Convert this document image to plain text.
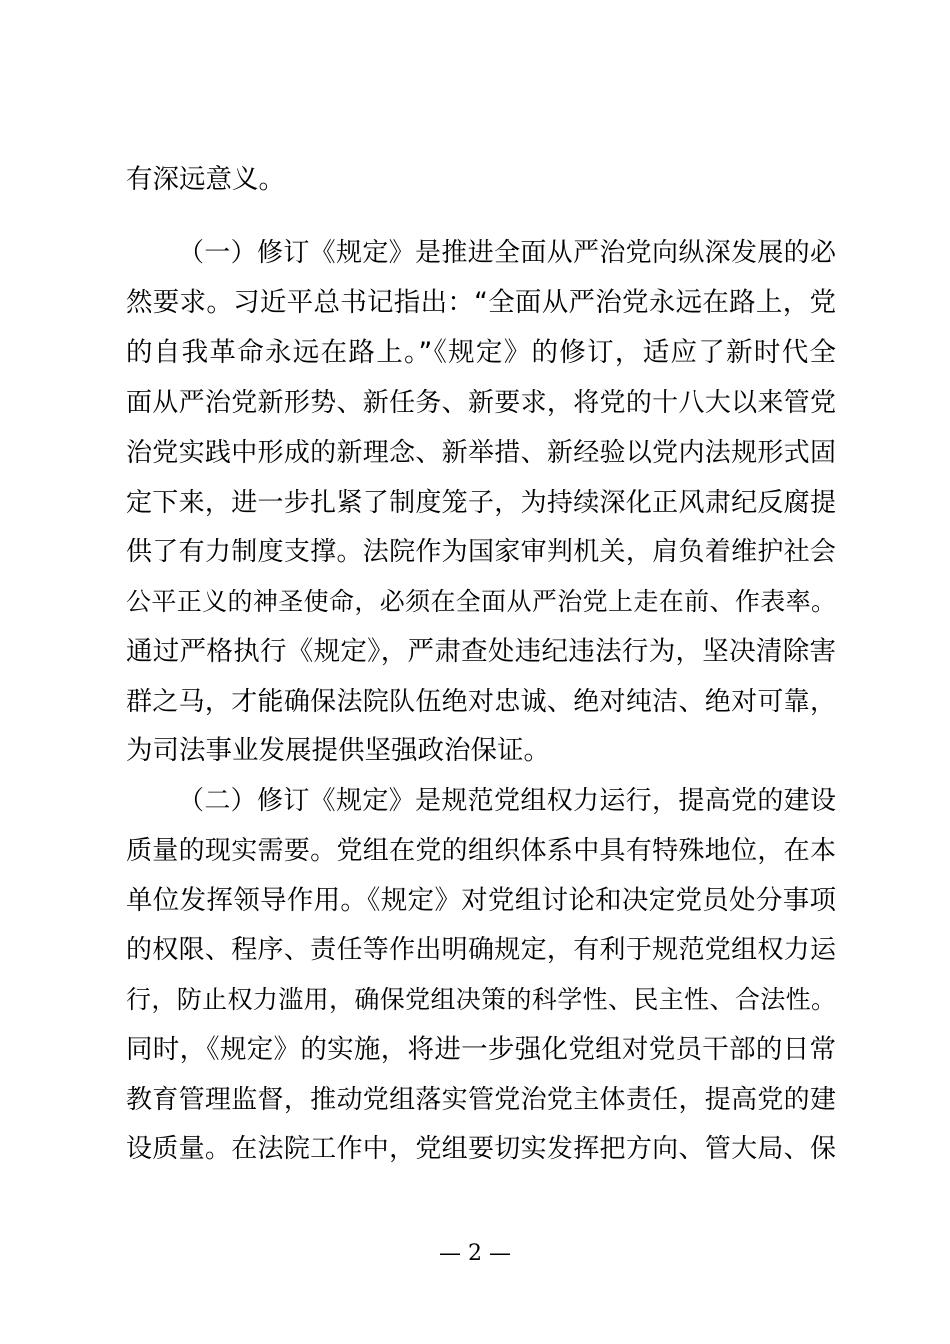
有深远意义。
（一）修订《规定》是推进全面从严治党向纵深发展的必
然要求。习近平总书记指出：“全面从严治党永远在路上，党
的自我革命永远在路上。”《规定》的修订，适应了新时代全
面从严治党新形势、新任务、新要求，将党的十八大以来管党
治党实践中形成的新理念、新举措、新经验以党内法规形式固
定下来，进一步扎紧了制度笼子，为持续深化正风肃纪反腐提
供了有力制度支撑。法院作为国家审判机关，肩负着维护社会
公平正义的神圣使命，必须在全面从严治党上走在前、作表率。
通过严格执行《规定》，严肃查处违纪违法行为，坚决清除害
群之马，才能确保法院队伍绝对忠诚、绝对纯洁、绝对可靠，
为司法事业发展提供坚强政治保证。
（二）修订《规定》是规范党组权力运行，提高党的建设
质量的现实需要。党组在党的组织体系中具有特殊地位，在本
单位发挥领导作用。《规定》对党组讨论和决定党员处分事项
的权限、程序、责任等作出明确规定，有利于规范党组权力运
行，防止权力滥用，确保党组决策的科学性、民主性、合法性。
同时，《规定》的实施，将进一步强化党组对党员干部的日常
教育管理监督，推动党组落实管党治党主体责任，提高党的建
设质量。在法院工作中，党组要切实发挥把方向、管大局、保
— 2 —
